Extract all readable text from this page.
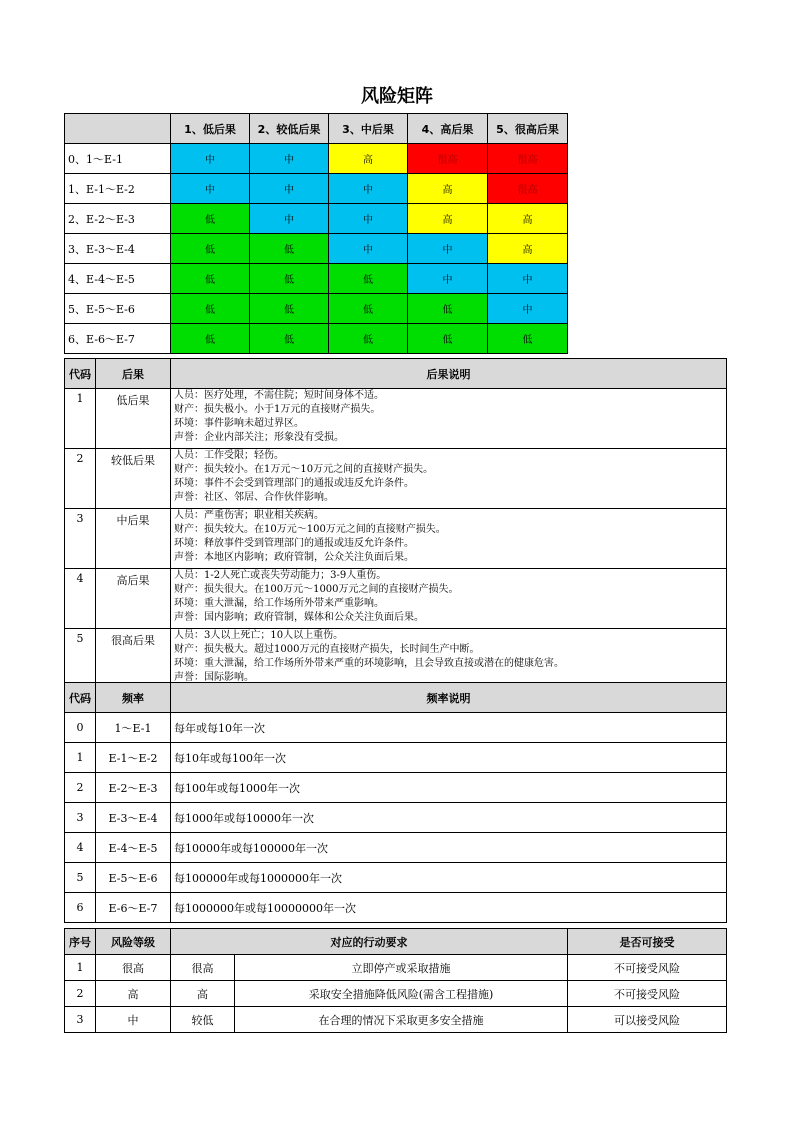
风险矩阵
	1、低后果	2、较低后果	3、中后果	4、高后果	5、很高后果
0、1～E-1	中	中	高	很高	很高
1、E-1～E-2	中	中	中	高	很高
2、E-2～E-3	低	中	中	高	高
3、E-3～E-4	低	低	中	中	高
4、E-4～E-5	低	低	低	中	中
5、E-5～E-6	低	低	低	低	中
6、E-6～E-7	低	低	低	低	低
代码	后果	后果说明
1	低后果	人员：医疗处理，不需住院；短时间身体不适。
财产：损失极小。小于1万元的直接财产损失。
环境：事件影响未超过界区。
声誉：企业内部关注；形象没有受损。

2	较低后果	人员：工作受限；轻伤。
财产：损失较小。在1万元～10万元之间的直接财产损失。
环境：事件不会受到管理部门的通报或违反允许条件。
声誉：社区、邻居、合作伙伴影响。

3	中后果	人员：严重伤害；职业相关疾病。
财产：损失较大。在10万元～100万元之间的直接财产损失。
环境：释放事件受到管理部门的通报或违反允许条件。
声誉：本地区内影响；政府管制，公众关注负面后果。

4	高后果	人员：1-2人死亡或丧失劳动能力；3-9人重伤。
财产：损失很大。在100万元～1000万元之间的直接财产损失。
环境：重大泄漏，给工作场所外带来严重影响。
声誉：国内影响；政府管制，媒体和公众关注负面后果。

5	很高后果	人员：3人以上死亡；10人以上重伤。
财产：损失极大。超过1000万元的直接财产损失，长时间生产中断。
环境：重大泄漏，给工作场所外带来严重的环境影响，且会导致直接或潜在的健康危害。
声誉：国际影响。
代码	频率	频率说明
0	1～E-1	每年或每10年一次
1	E-1～E-2	每10年或每100年一次
2	E-2～E-3	每100年或每1000年一次
3	E-3～E-4	每1000年或每10000年一次
4	E-4～E-5	每10000年或每100000年一次
5	E-5～E-6	每100000年或每1000000年一次
6	E-6～E-7	每1000000年或每10000000年一次
序号	风险等级	对应的行动要求		是否可接受
1	很高	很高	立即停产或采取措施	不可接受风险
2	高	高	采取安全措施降低风险(需含工程措施)	不可接受风险
3	中	较低	在合理的情况下采取更多安全措施	可以接受风险
